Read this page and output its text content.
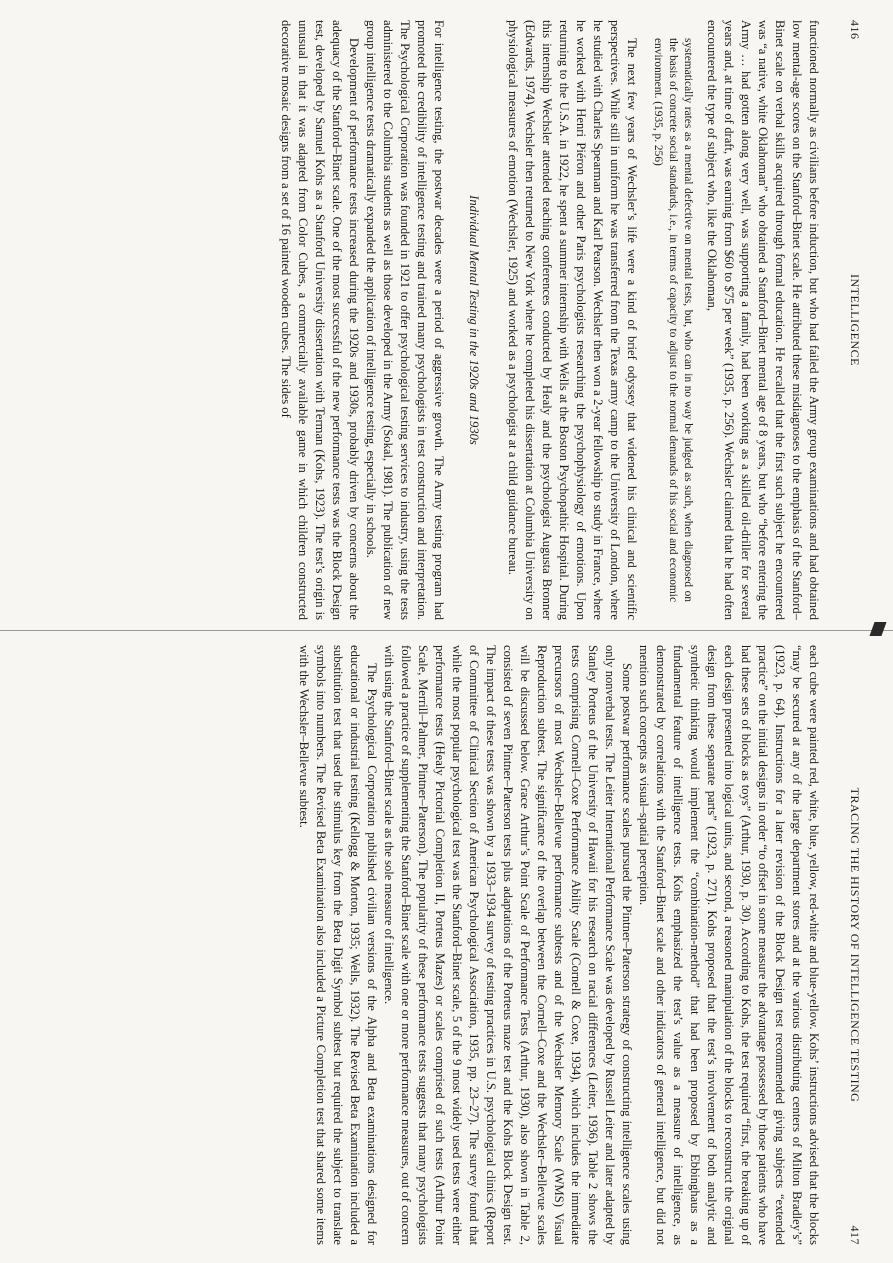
416
INTELLIGENCE

functioned normally as civilians before induction, but who had failed the Army group examinations and had obtained low mental-age scores on the Stanford–Binet scale. He attributed these misdiagnoses to the emphasis of the Stanford–Binet scale on verbal skills acquired through formal education. He recalled that the first such subject he encountered was “a native, white Oklahoman” who obtained a Stanford–Binet mental age of 8 years, but who “before entering the Army … had gotten along very well, was supporting a family, had been working as a skilled oil-driller for several years and, at time of draft, was earning from $60 to $75 per week” (1935, p. 256). Wechsler claimed that he had often encountered the type of subject who, like the Oklahoman,

systematically rates as a mental defective on mental tests, but, who can in no way be judged as such, when diagnosed on the basis of concrete social standards, i.e., in terms of capacity to adjust to the normal demands of his social and economic environment. (1935, p. 256)

The next few years of Wechsler’s life were a kind of brief odyssey that widened his clinical and scientific perspectives. While still in uniform he was transferred from the Texas army camp to the University of London, where he studied with Charles Spearman and Karl Pearson. Wechsler then won a 2-year fellowship to study in France, where he worked with Henri Piéron and other Paris psychologists researching the psychophysiology of emotions. Upon returning to the U.S.A. in 1922, he spent a summer internship with Wells at the Boston Psychopathic Hospital. During this internship Wechsler attended teaching conferences conducted by Healy and the psychologist Augusta Bronner (Edwards, 1974). Wechsler then returned to New York where he completed his dissertation at Columbia University on physiological measures of emotion (Wechsler, 1925) and worked as a psychologist at a child guidance bureau.

Individual Mental Testing in the 1920s and 1930s

For intelligence testing, the postwar decades were a period of aggressive growth. The Army testing program had promoted the credibility of intelligence testing and trained many psychologists in test construction and interpretation. The Psychological Corporation was founded in 1921 to offer psychological testing services to industry, using the tests administered to the Columbia students as well as those developed in the Army (Sokal, 1981). The publication of new group intelligence tests dramatically expanded the application of intelligence testing, especially in schools.

Development of performance tests increased during the 1920s and 1930s, probably driven by concerns about the adequacy of the Stanford–Binet scale. One of the most successful of the new performance tests was the Block Design test, developed by Samuel Kohs as a Stanford University dissertation with Terman (Kohs, 1923). The test’s origin is unusual in that it was adapted from Color Cubes, a commercially available game in which children constructed decorative mosaic designs from a set of 16 painted wooden cubes. The sides of

TRACING THE HISTORY OF INTELLIGENCE TESTING
417

each cube were painted red, white, blue, yellow, red-white and blue-yellow. Kohs’ instructions advised that the blocks “may be secured at any of the large department stores and at the various distributing centers of Milton Bradley’s” (1923, p. 64). Instructions for a later revision of the Block Design test recommended giving subjects “extended practice” on the initial designs in order “to offset in some measure the advantage possessed by those patients who have had these sets of blocks as toys” (Arthur, 1930, p. 30). According to Kohs, the test required “first, the breaking up of each design presented into logical units, and second, a reasoned manipulation of the blocks to reconstruct the original design from these separate parts” (1923, p. 271). Kohs proposed that the test’s involvement of both analytic and synthetic thinking would implement the “combination-method” that had been proposed by Ebbinghaus as a fundamental feature of intelligence tests. Kohs emphasized the test’s value as a measure of intelligence, as demonstrated by correlations with the Stanford–Binet scale and other indicators of general intelligence, but did not mention such concepts as visual–spatial perception.

Some postwar performance scales pursued the Pintner–Paterson strategy of constructing intelligence scales using only nonverbal tests. The Leiter International Performance Scale was developed by Russell Leiter and later adapted by Stanley Porteus of the University of Hawaii for his research on racial differences (Leiter, 1936). Table 2 shows the tests comprising Cornell–Coxe Performance Ability Scale (Cornell & Coxe, 1934), which includes the immediate precursors of most Wechsler–Bellevue performance subtests and of the Wechsler Memory Scale (WMS) Visual Reproduction subtest. The significance of the overlap between the Cornell–Coxe and the Wechsler–Bellevue scales will be discussed below. Grace Arthur’s Point Scale of Performance Tests (Arthur, 1930), also shown in Table 2, consisted of seven Pintner–Paterson tests plus adaptations of the Porteus maze test and the Kohs Block Design test. The impact of these tests was shown by a 1933–1934 survey of testing practices in U.S. psychological clinics (Report of Committee of Clinical Section of American Psychological Association, 1935, pp. 23–27). The survey found that while the most popular psychological test was the Stanford–Binet scale, 5 of the 9 most widely used tests were either performance tests (Healy Pictorial Completion II, Porteus Mazes) or scales comprised of such tests (Arthur Point Scale, Merrill–Palmer, Pintner–Paterson). The popularity of these performance tests suggests that many psychologists followed a practice of supplementing the Stanford–Binet scale with one or more performance measures, out of concern with using the Stanford–Binet scale as the sole measure of intelligence.

The Psychological Corporation published civilian versions of the Alpha and Beta examinations designed for educational or industrial testing (Kellogg & Morton, 1935; Wells, 1932). The Revised Beta Examination included a substitution test that used the stimulus key from the Beta Digit Symbol subtest but required the subject to translate symbols into numbers. The Revised Beta Examination also included a Picture Completion test that shared some items with the Wechsler–Bellevue subtest.
